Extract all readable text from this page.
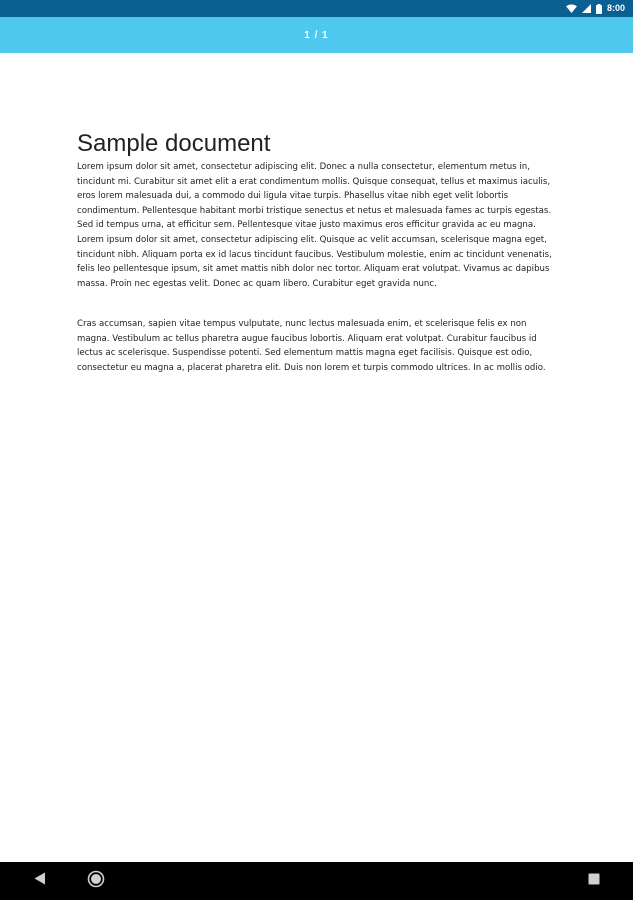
8:00
1 / 1
Sample document

Lorem ipsum dolor sit amet, consectetur adipiscing elit. Donec a nulla consectetur, elementum metus in, tincidunt mi. Curabitur sit amet elit a erat condimentum mollis. Quisque consequat, tellus et maximus iaculis, eros lorem malesuada dui, a commodo dui ligula vitae turpis. Phasellus vitae nibh eget velit lobortis condimentum. Pellentesque habitant morbi tristique senectus et netus et malesuada fames ac turpis egestas. Sed id tempus urna, at efficitur sem. Pellentesque vitae justo maximus eros efficitur gravida ac eu magna. Lorem ipsum dolor sit amet, consectetur adipiscing elit. Quisque ac velit accumsan, scelerisque magna eget, tincidunt nibh. Aliquam porta ex id lacus tincidunt faucibus. Vestibulum molestie, enim ac tincidunt venenatis, felis leo pellentesque ipsum, sit amet mattis nibh dolor nec tortor. Aliquam erat volutpat. Vivamus ac dapibus massa. Proin nec egestas velit. Donec ac quam libero. Curabitur eget gravida nunc.

Cras accumsan, sapien vitae tempus vulputate, nunc lectus malesuada enim, et scelerisque felis ex non magna. Vestibulum ac tellus pharetra augue faucibus lobortis. Aliquam erat volutpat. Curabitur faucibus id lectus ac scelerisque. Suspendisse potenti. Sed elementum mattis magna eget facilisis. Quisque est odio, consectetur eu magna a, placerat pharetra elit. Duis non lorem et turpis commodo ultrices. In ac mollis odio.
